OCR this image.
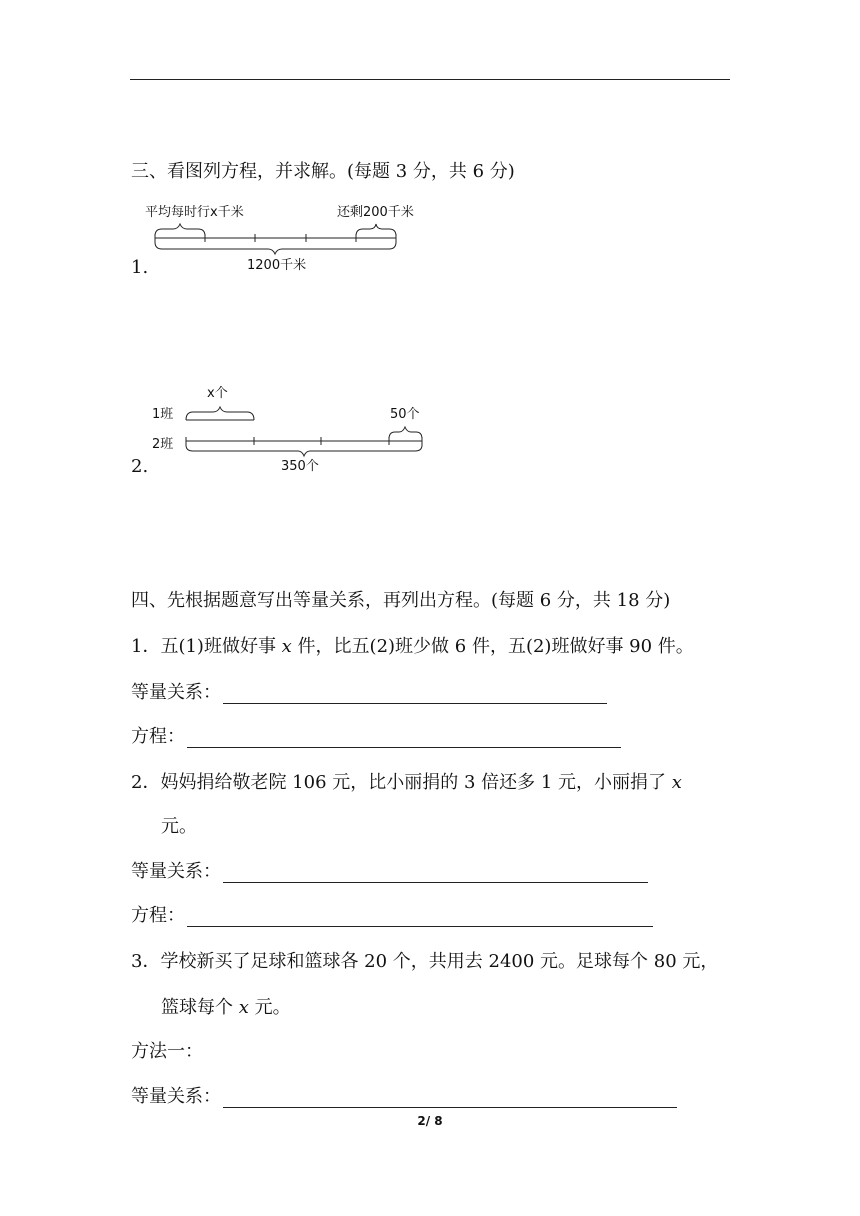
三、看图列方程，并求解。(每题 3 分，共 6 分)
1.
平均每时行x千米	还剩200千米
1200千米
2.
x个
1班
2班
50个
350个
四、先根据题意写出等量关系，再列出方程。(每题 6 分，共 18 分)
1．五(1)班做好事 x 件，比五(2)班少做 6 件，五(2)班做好事 90 件。
等量关系：
方程：
2．妈妈捐给敬老院 106 元，比小丽捐的 3 倍还多 1 元，小丽捐了 x
元。
等量关系：
方程：
3．学校新买了足球和篮球各 20 个，共用去 2400 元。足球每个 80 元，
篮球每个 x 元。
方法一：
等量关系：
2/ 8
